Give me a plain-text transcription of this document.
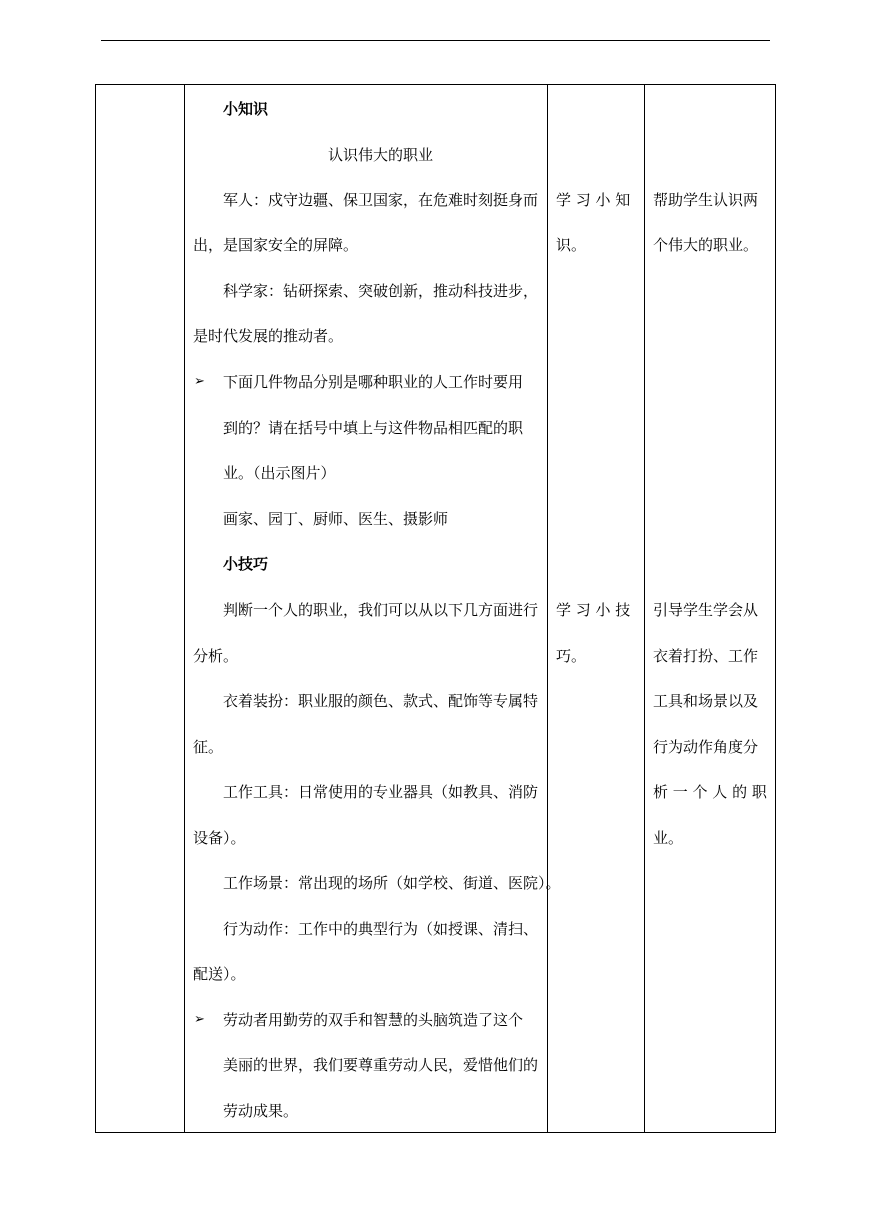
小知识
认识伟大的职业
军人：戍守边疆、保卫国家，在危难时刻挺身而
出，是国家安全的屏障。
科学家：钻研探索、突破创新，推动科技进步，
是时代发展的推动者。
➢ 下面几件物品分别是哪种职业的人工作时要用
到的？请在括号中填上与这件物品相匹配的职
业。（出示图片）
画家、园丁、厨师、医生、摄影师
小技巧
判断一个人的职业，我们可以从以下几方面进行
分析。
衣着装扮：职业服的颜色、款式、配饰等专属特
征。
工作工具：日常使用的专业器具（如教具、消防
设备）。
工作场景：常出现的场所（如学校、街道、医院）。
行为动作：工作中的典型行为（如授课、清扫、
配送）。
➢ 劳动者用勤劳的双手和智慧的头脑筑造了这个
美丽的世界，我们要尊重劳动人民，爱惜他们的
劳动成果。
学 习 小 知
识。
学 习 小 技
巧。
帮助学生认识两
个伟大的职业。
引导学生学会从
衣着打扮、工作
工具和场景以及
行为动作角度分
析 一 个 人 的 职
业。
